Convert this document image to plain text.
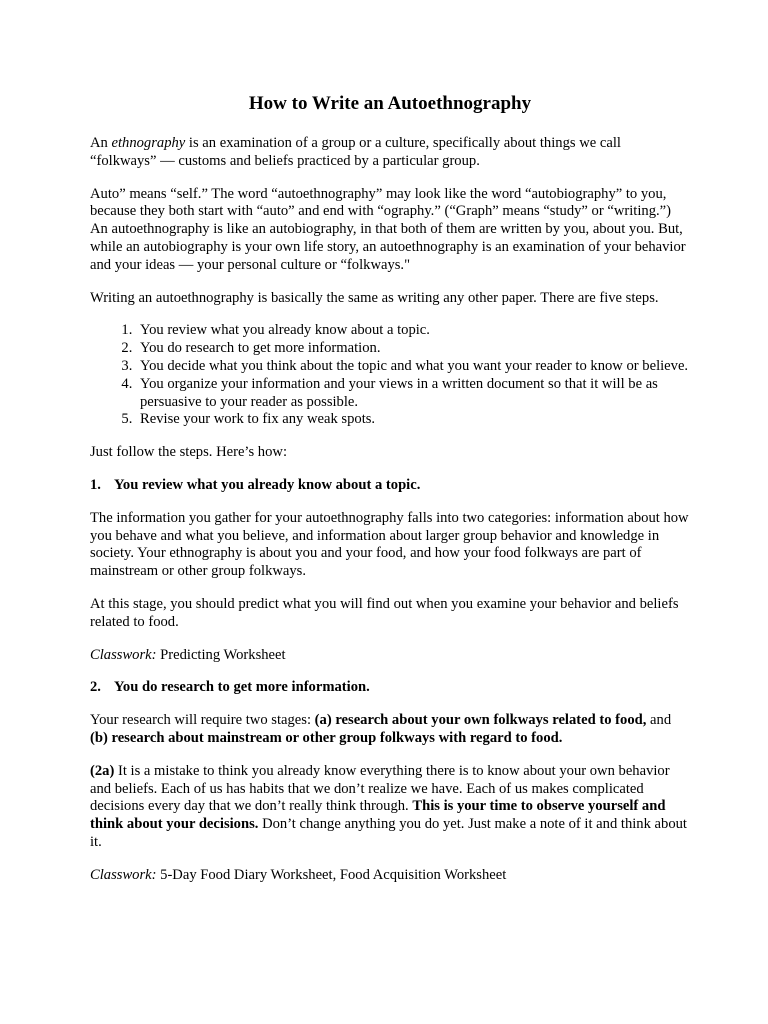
How to Write an Autoethnography

An ethnography is an examination of a group or a culture, specifically about things we call “folkways” — customs and beliefs practiced by a particular group.

Auto” means “self.” The word “autoethnography” may look like the word “autobiography” to you, because they both start with “auto” and end with “ography.” (“Graph” means “study” or “writing.”) An autoethnography is like an autobiography, in that both of them are written by you, about you. But, while an autobiography is your own life story, an autoethnography is an examination of your behavior and your ideas — your personal culture or “folkways."

Writing an autoethnography is basically the same as writing any other paper. There are five steps.

1. You review what you already know about a topic.
2. You do research to get more information.
3. You decide what you think about the topic and what you want your reader to know or believe.
4. You organize your information and your views in a written document so that it will be as persuasive to your reader as possible.
5. Revise your work to fix any weak spots.

Just follow the steps. Here’s how:

1. You review what you already know about a topic.

The information you gather for your autoethnography falls into two categories: information about how you behave and what you believe, and information about larger group behavior and knowledge in society. Your ethnography is about you and your food, and how your food folkways are part of mainstream or other group folkways.

At this stage, you should predict what you will find out when you examine your behavior and beliefs related to food.

Classwork: Predicting Worksheet

2. You do research to get more information.

Your research will require two stages: (a) research about your own folkways related to food, and (b) research about mainstream or other group folkways with regard to food.

(2a) It is a mistake to think you already know everything there is to know about your own behavior and beliefs. Each of us has habits that we don’t realize we have. Each of us makes complicated decisions every day that we don’t really think through. This is your time to observe yourself and think about your decisions. Don’t change anything you do yet. Just make a note of it and think about it.

Classwork: 5-Day Food Diary Worksheet, Food Acquisition Worksheet
